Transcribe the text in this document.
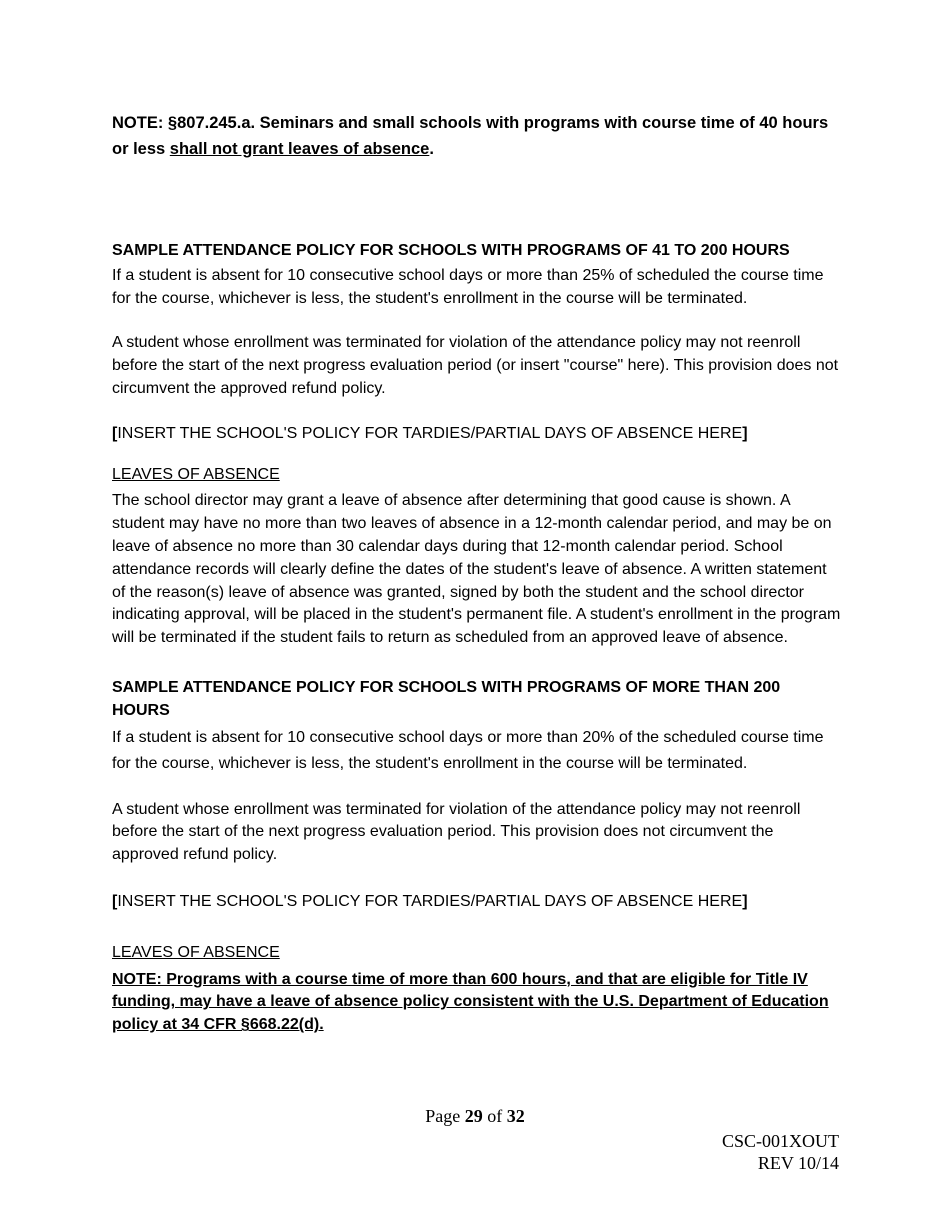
NOTE: §807.245.a. Seminars and small schools with programs with course time of 40 hours or less shall not grant leaves of absence.

SAMPLE ATTENDANCE POLICY FOR SCHOOLS WITH PROGRAMS OF 41 TO 200 HOURS

If a student is absent for 10 consecutive school days or more than 25% of scheduled the course time for the course, whichever is less, the student's enrollment in the course will be terminated.

A student whose enrollment was terminated for violation of the attendance policy may not reenroll before the start of the next progress evaluation period (or insert "course" here). This provision does not circumvent the approved refund policy.

[INSERT THE SCHOOL'S POLICY FOR TARDIES/PARTIAL DAYS OF ABSENCE HERE]

LEAVES OF ABSENCE

The school director may grant a leave of absence after determining that good cause is shown. A student may have no more than two leaves of absence in a 12-month calendar period, and may be on leave of absence no more than 30 calendar days during that 12-month calendar period. School attendance records will clearly define the dates of the student's leave of absence. A written statement of the reason(s) leave of absence was granted, signed by both the student and the school director indicating approval, will be placed in the student's permanent file. A student's enrollment in the program will be terminated if the student fails to return as scheduled from an approved leave of absence.

SAMPLE ATTENDANCE POLICY FOR SCHOOLS WITH PROGRAMS OF MORE THAN 200 HOURS

If a student is absent for 10 consecutive school days or more than 20% of the scheduled course time for the course, whichever is less, the student's enrollment in the course will be terminated.

A student whose enrollment was terminated for violation of the attendance policy may not reenroll before the start of the next progress evaluation period. This provision does not circumvent the approved refund policy.

[INSERT THE SCHOOL'S POLICY FOR TARDIES/PARTIAL DAYS OF ABSENCE HERE]

LEAVES OF ABSENCE

NOTE: Programs with a course time of more than 600 hours, and that are eligible for Title IV funding, may have a leave of absence policy consistent with the U.S. Department of Education policy at 34 CFR §668.22(d).

Page 29 of 32
CSC-001XOUT
REV 10/14
